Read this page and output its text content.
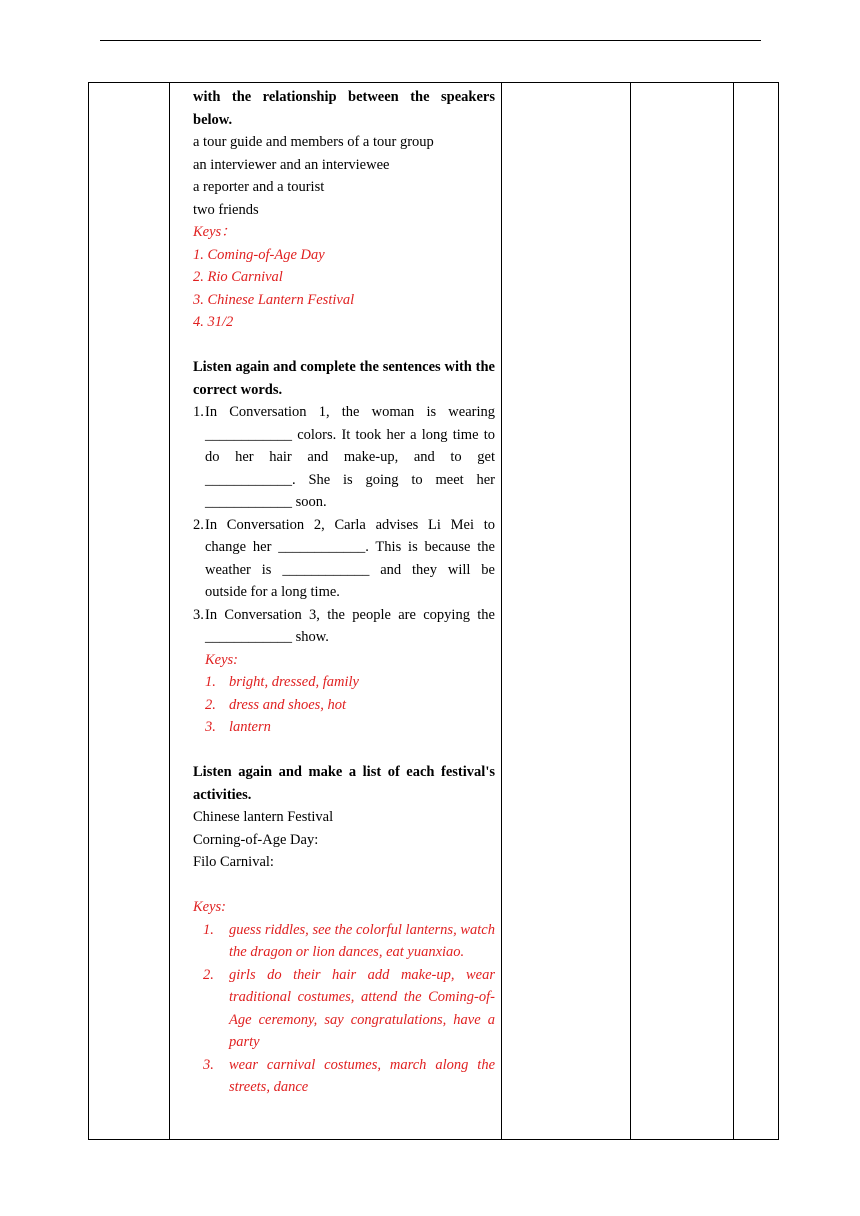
with the relationship between the speakers below.

a tour guide and members of a tour group

an interviewer and an interviewee

a reporter and a tourist

two friends

Keys：

1. Coming-of-Age Day

2. Rio Carnival

3. Chinese Lantern Festival

4. 31/2

Listen again and complete the sentences with the correct words.

1. In Conversation 1, the woman is wearing ____________ colors. It took her a long time to do her hair and make-up, and to get ____________. She is going to meet her ____________ soon.
2. In Conversation 2, Carla advises Li Mei to change her ____________. This is because the weather is ____________ and they will be outside for a long time.
3. In Conversation 3, the people are copying the ____________ show.

Keys:

1. bright, dressed, family
2. dress and shoes, hot
3. lantern

Listen again and make a list of each festival's activities.

Chinese lantern Festival

Corning-of-Age Day:

Filo Carnival:

Keys:

1.	guess riddles, see the colorful lanterns, watch the dragon or lion dances, eat yuanxiao.
2.	girls do their hair add make-up, wear traditional costumes, attend the Coming-of-Age ceremony, say congratulations, have a party
3.	wear carnival costumes, march along the streets, dance
